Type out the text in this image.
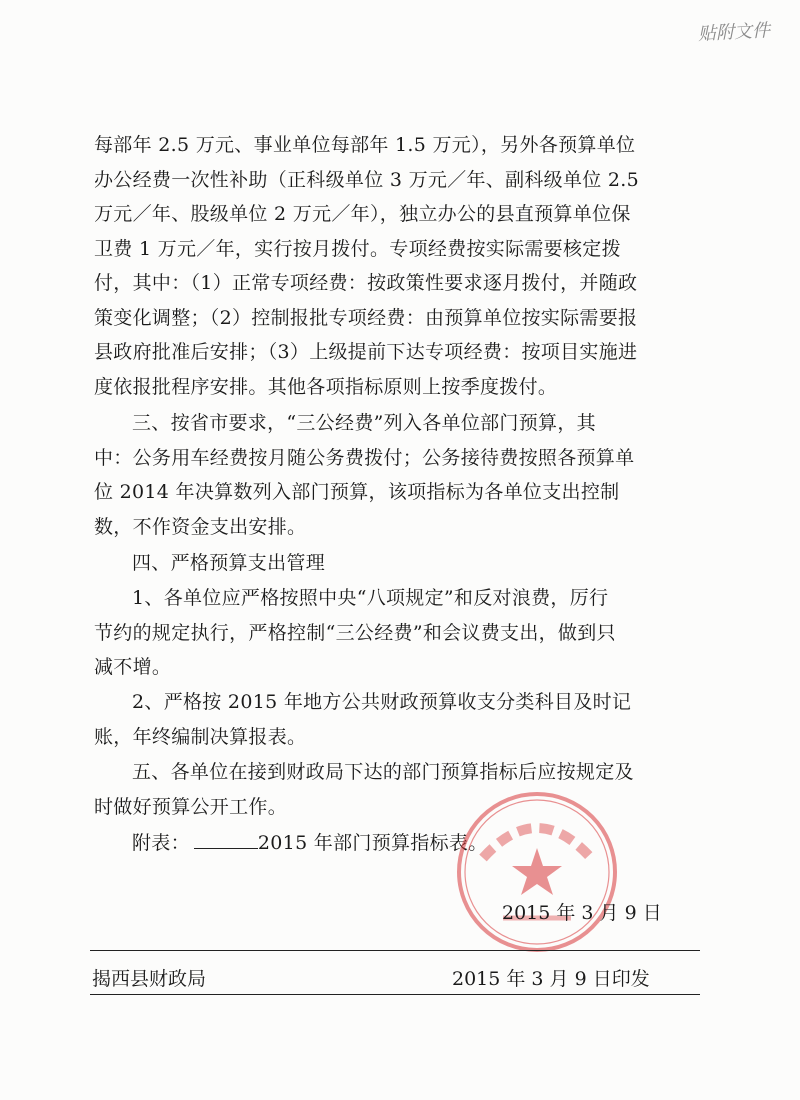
贴附文件
每部年 2.5 万元、事业单位每部年 1.5 万元），另外各预算单位
办公经费一次性补助（正科级单位 3 万元／年、副科级单位 2.5
万元／年、股级单位 2 万元／年），独立办公的县直预算单位保
卫费 1 万元／年，实行按月拨付。专项经费按实际需要核定拨
付，其中：（1）正常专项经费：按政策性要求逐月拨付，并随政
策变化调整；（2）控制报批专项经费：由预算单位按实际需要报
县政府批准后安排；（3）上级提前下达专项经费：按项目实施进
度依报批程序安排。其他各项指标原则上按季度拨付。
三、按省市要求，“三公经费”列入各单位部门预算，其
中：公务用车经费按月随公务费拨付；公务接待费按照各预算单
位 2014 年决算数列入部门预算，该项指标为各单位支出控制
数，不作资金支出安排。
四、严格预算支出管理
1、各单位应严格按照中央“八项规定”和反对浪费，厉行
节约的规定执行，严格控制“三公经费”和会议费支出，做到只
减不增。
2、严格按 2015 年地方公共财政预算收支分类科目及时记
账，年终编制决算报表。
五、各单位在接到财政局下达的部门预算指标后应按规定及
时做好预算公开工作。
附表：	2015 年部门预算指标表。
2015 年 3 月 9 日
揭西县财政局	2015 年 3 月 9 日印发
